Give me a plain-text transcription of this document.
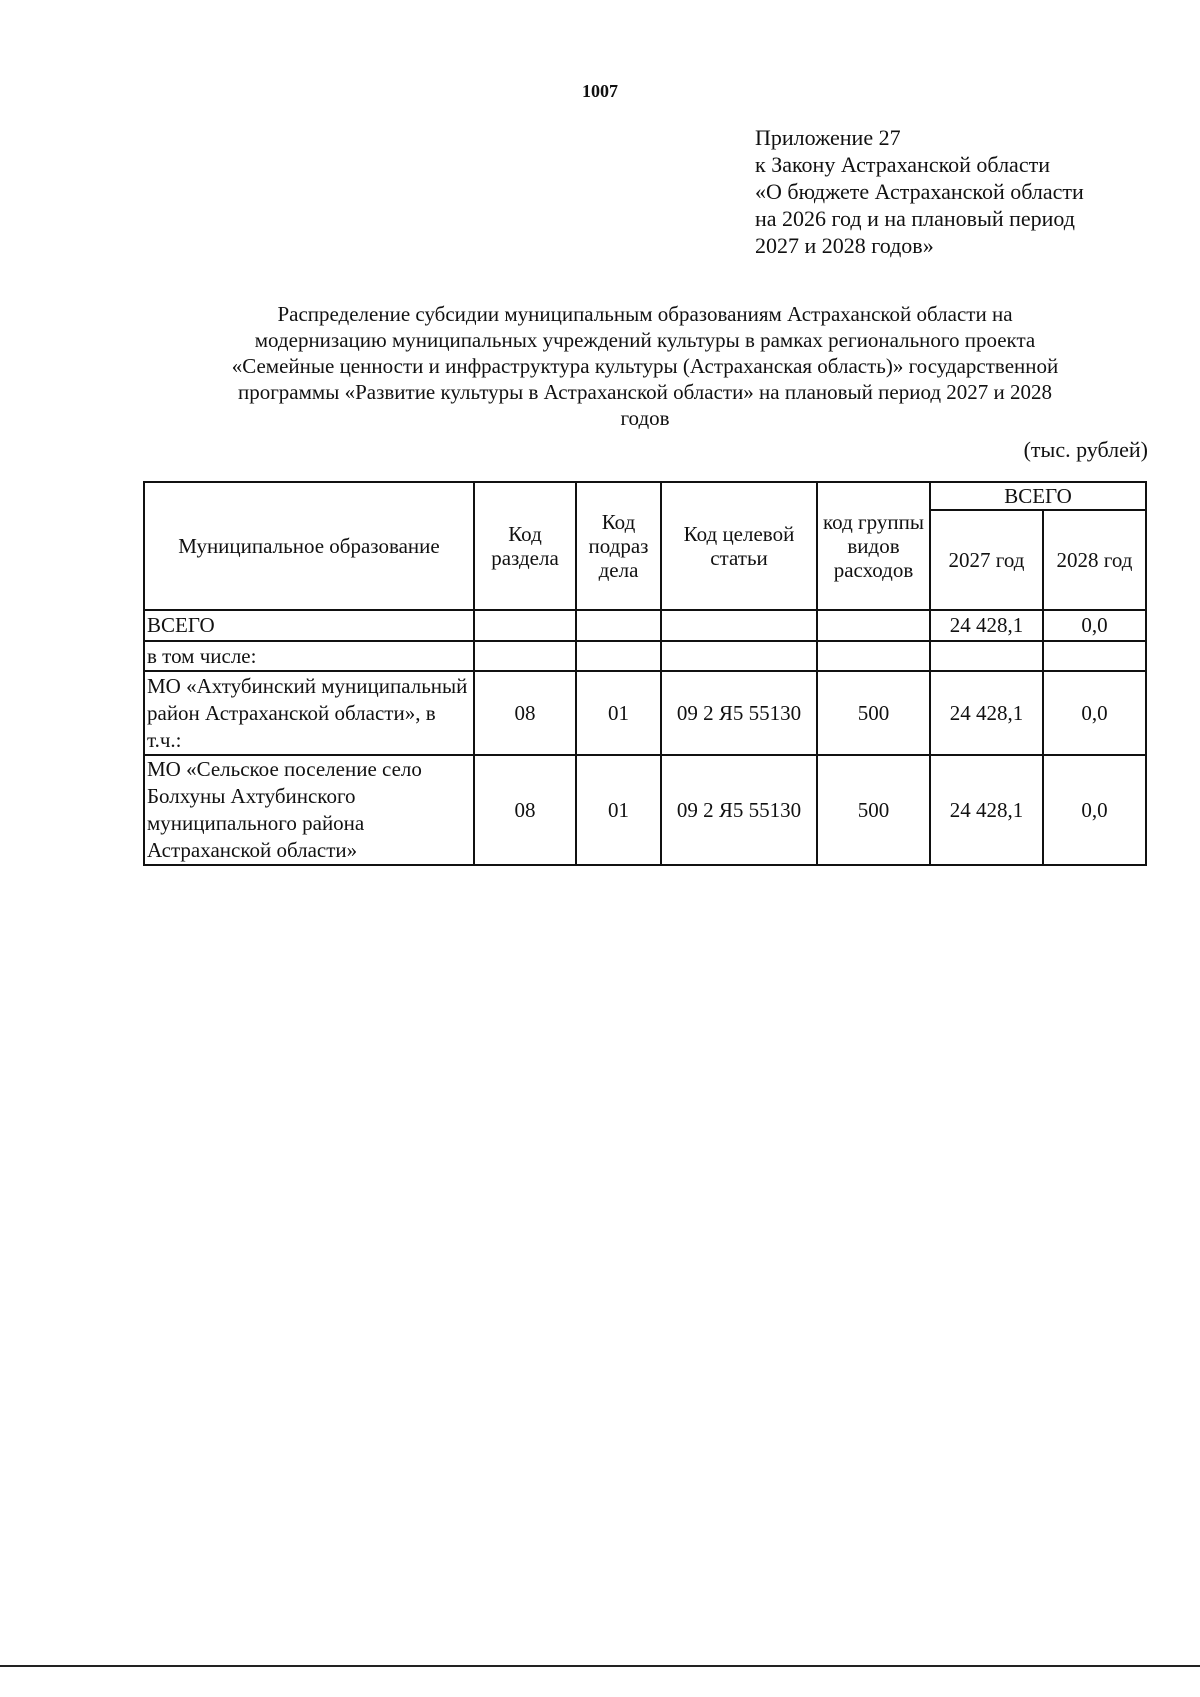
1007
Приложение 27
к Закону Астраханской области
«О бюджете Астраханской области
на 2026 год и на плановый период
2027 и 2028 годов»
Распределение субсидии муниципальным образованиям Астраханской области на
модернизацию муниципальных учреждений культуры в рамках регионального проекта
«Семейные ценности и инфраструктура культуры (Астраханская область)» государственной
программы «Развитие культуры в Астраханской области» на плановый период 2027 и 2028
годов
(тыс. рублей)
Муниципальное образование	Код раздела	Код подраз дела	Код целевой статьи	код группы видов расходов	ВСЕГО	
					2027 год	2028 год
ВСЕГО					24 428,1	0,0
в том числе:						
МО «Ахтубинский муниципальный район Астраханской области», в т.ч.:	08	01	09 2 Я5 55130	500	24 428,1	0,0
МО «Сельское поселение село Болхуны Ахтубинского муниципального района Астраханской области»	08	01	09 2 Я5 55130	500	24 428,1	0,0
